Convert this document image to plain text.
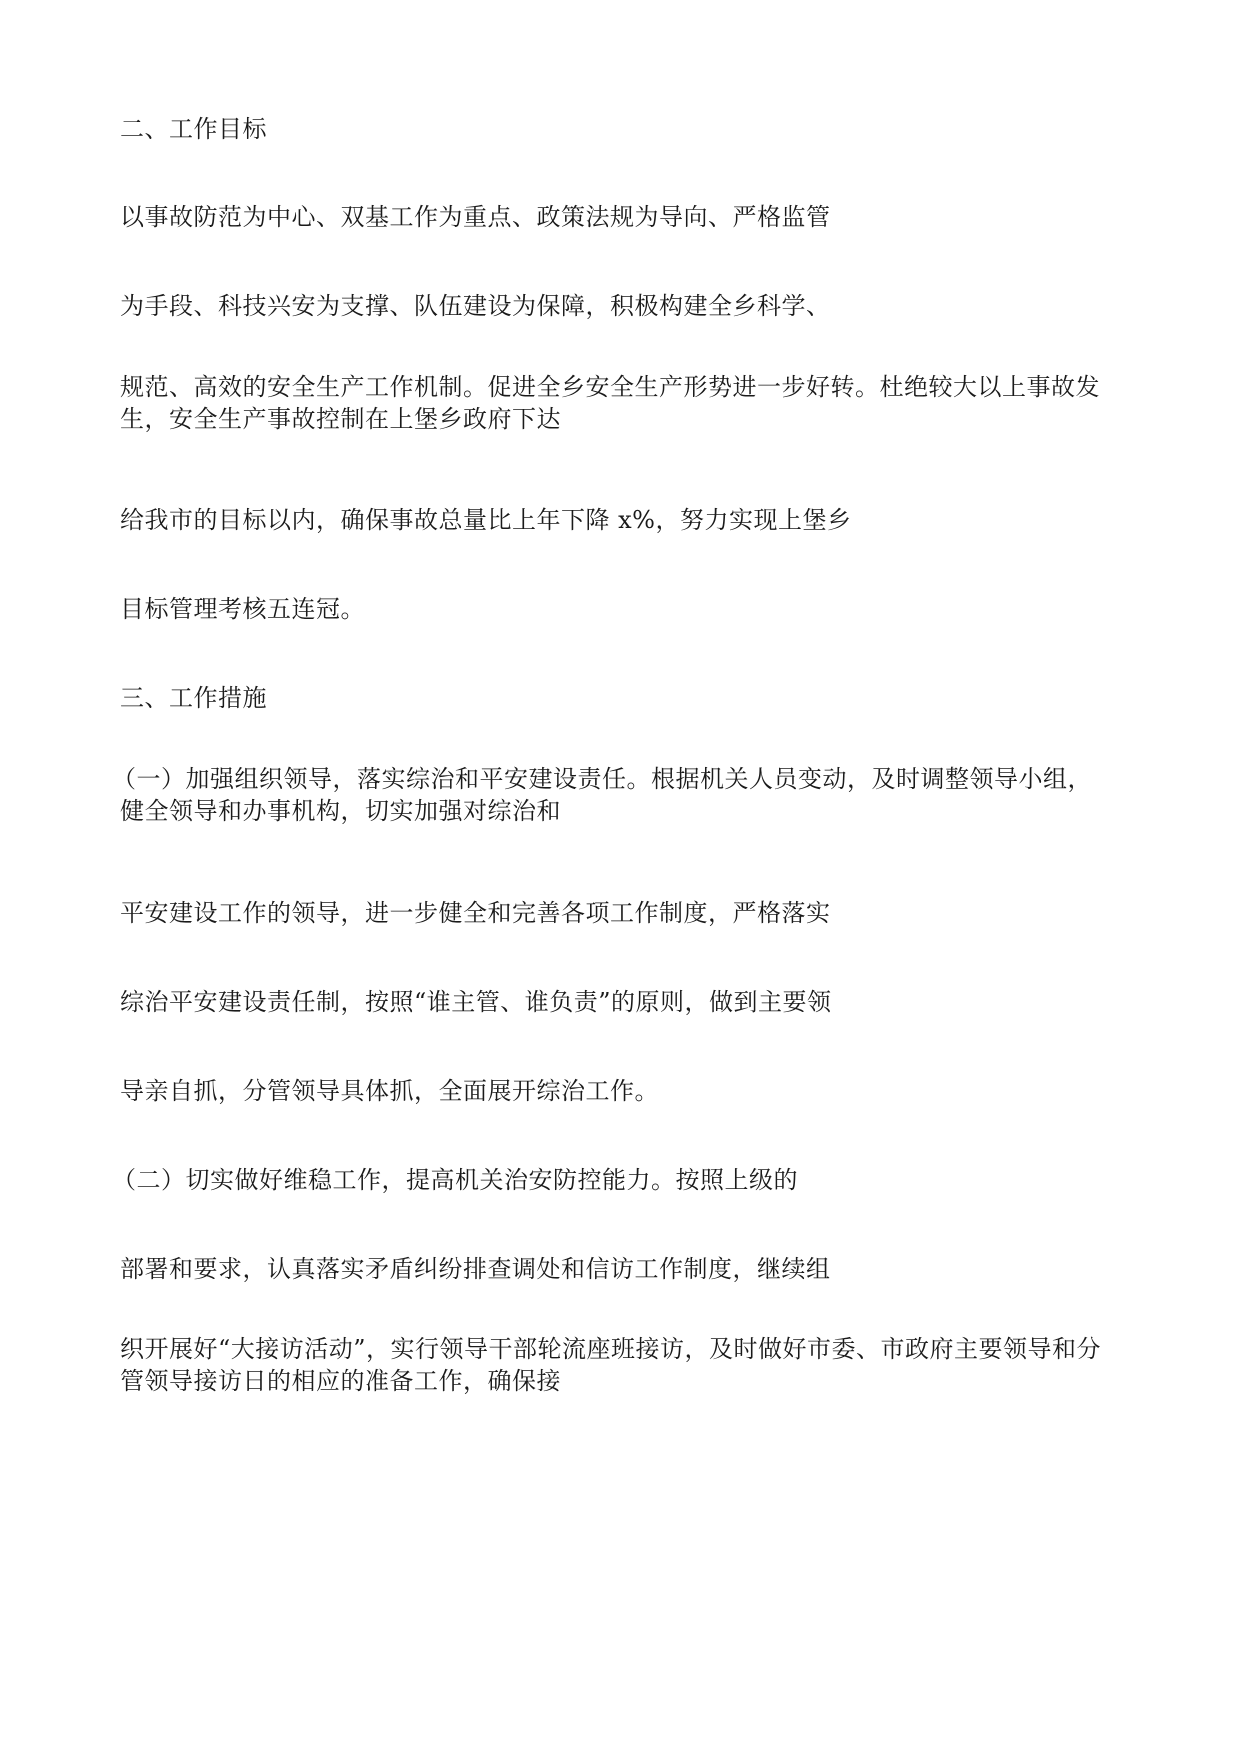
二、工作目标
以事故防范为中心、双基工作为重点、政策法规为导向、严格监管
为手段、科技兴安为支撑、队伍建设为保障，积极构建全乡科学、
规范、高效的安全生产工作机制。促进全乡安全生产形势进一步好转。杜绝较大以上事故发
生，安全生产事故控制在上堡乡政府下达
给我市的目标以内，确保事故总量比上年下降 x%，努力实现上堡乡
目标管理考核五连冠。
三、工作措施
（一）加强组织领导，落实综治和平安建设责任。根据机关人员变动，及时调整领导小组，
健全领导和办事机构，切实加强对综治和
平安建设工作的领导，进一步健全和完善各项工作制度，严格落实
综治平安建设责任制，按照“谁主管、谁负责”的原则，做到主要领
导亲自抓，分管领导具体抓，全面展开综治工作。
（二）切实做好维稳工作，提高机关治安防控能力。按照上级的
部署和要求，认真落实矛盾纠纷排查调处和信访工作制度，继续组
织开展好“大接访活动”，实行领导干部轮流座班接访，及时做好市委、市政府主要领导和分
管领导接访日的相应的准备工作，确保接
